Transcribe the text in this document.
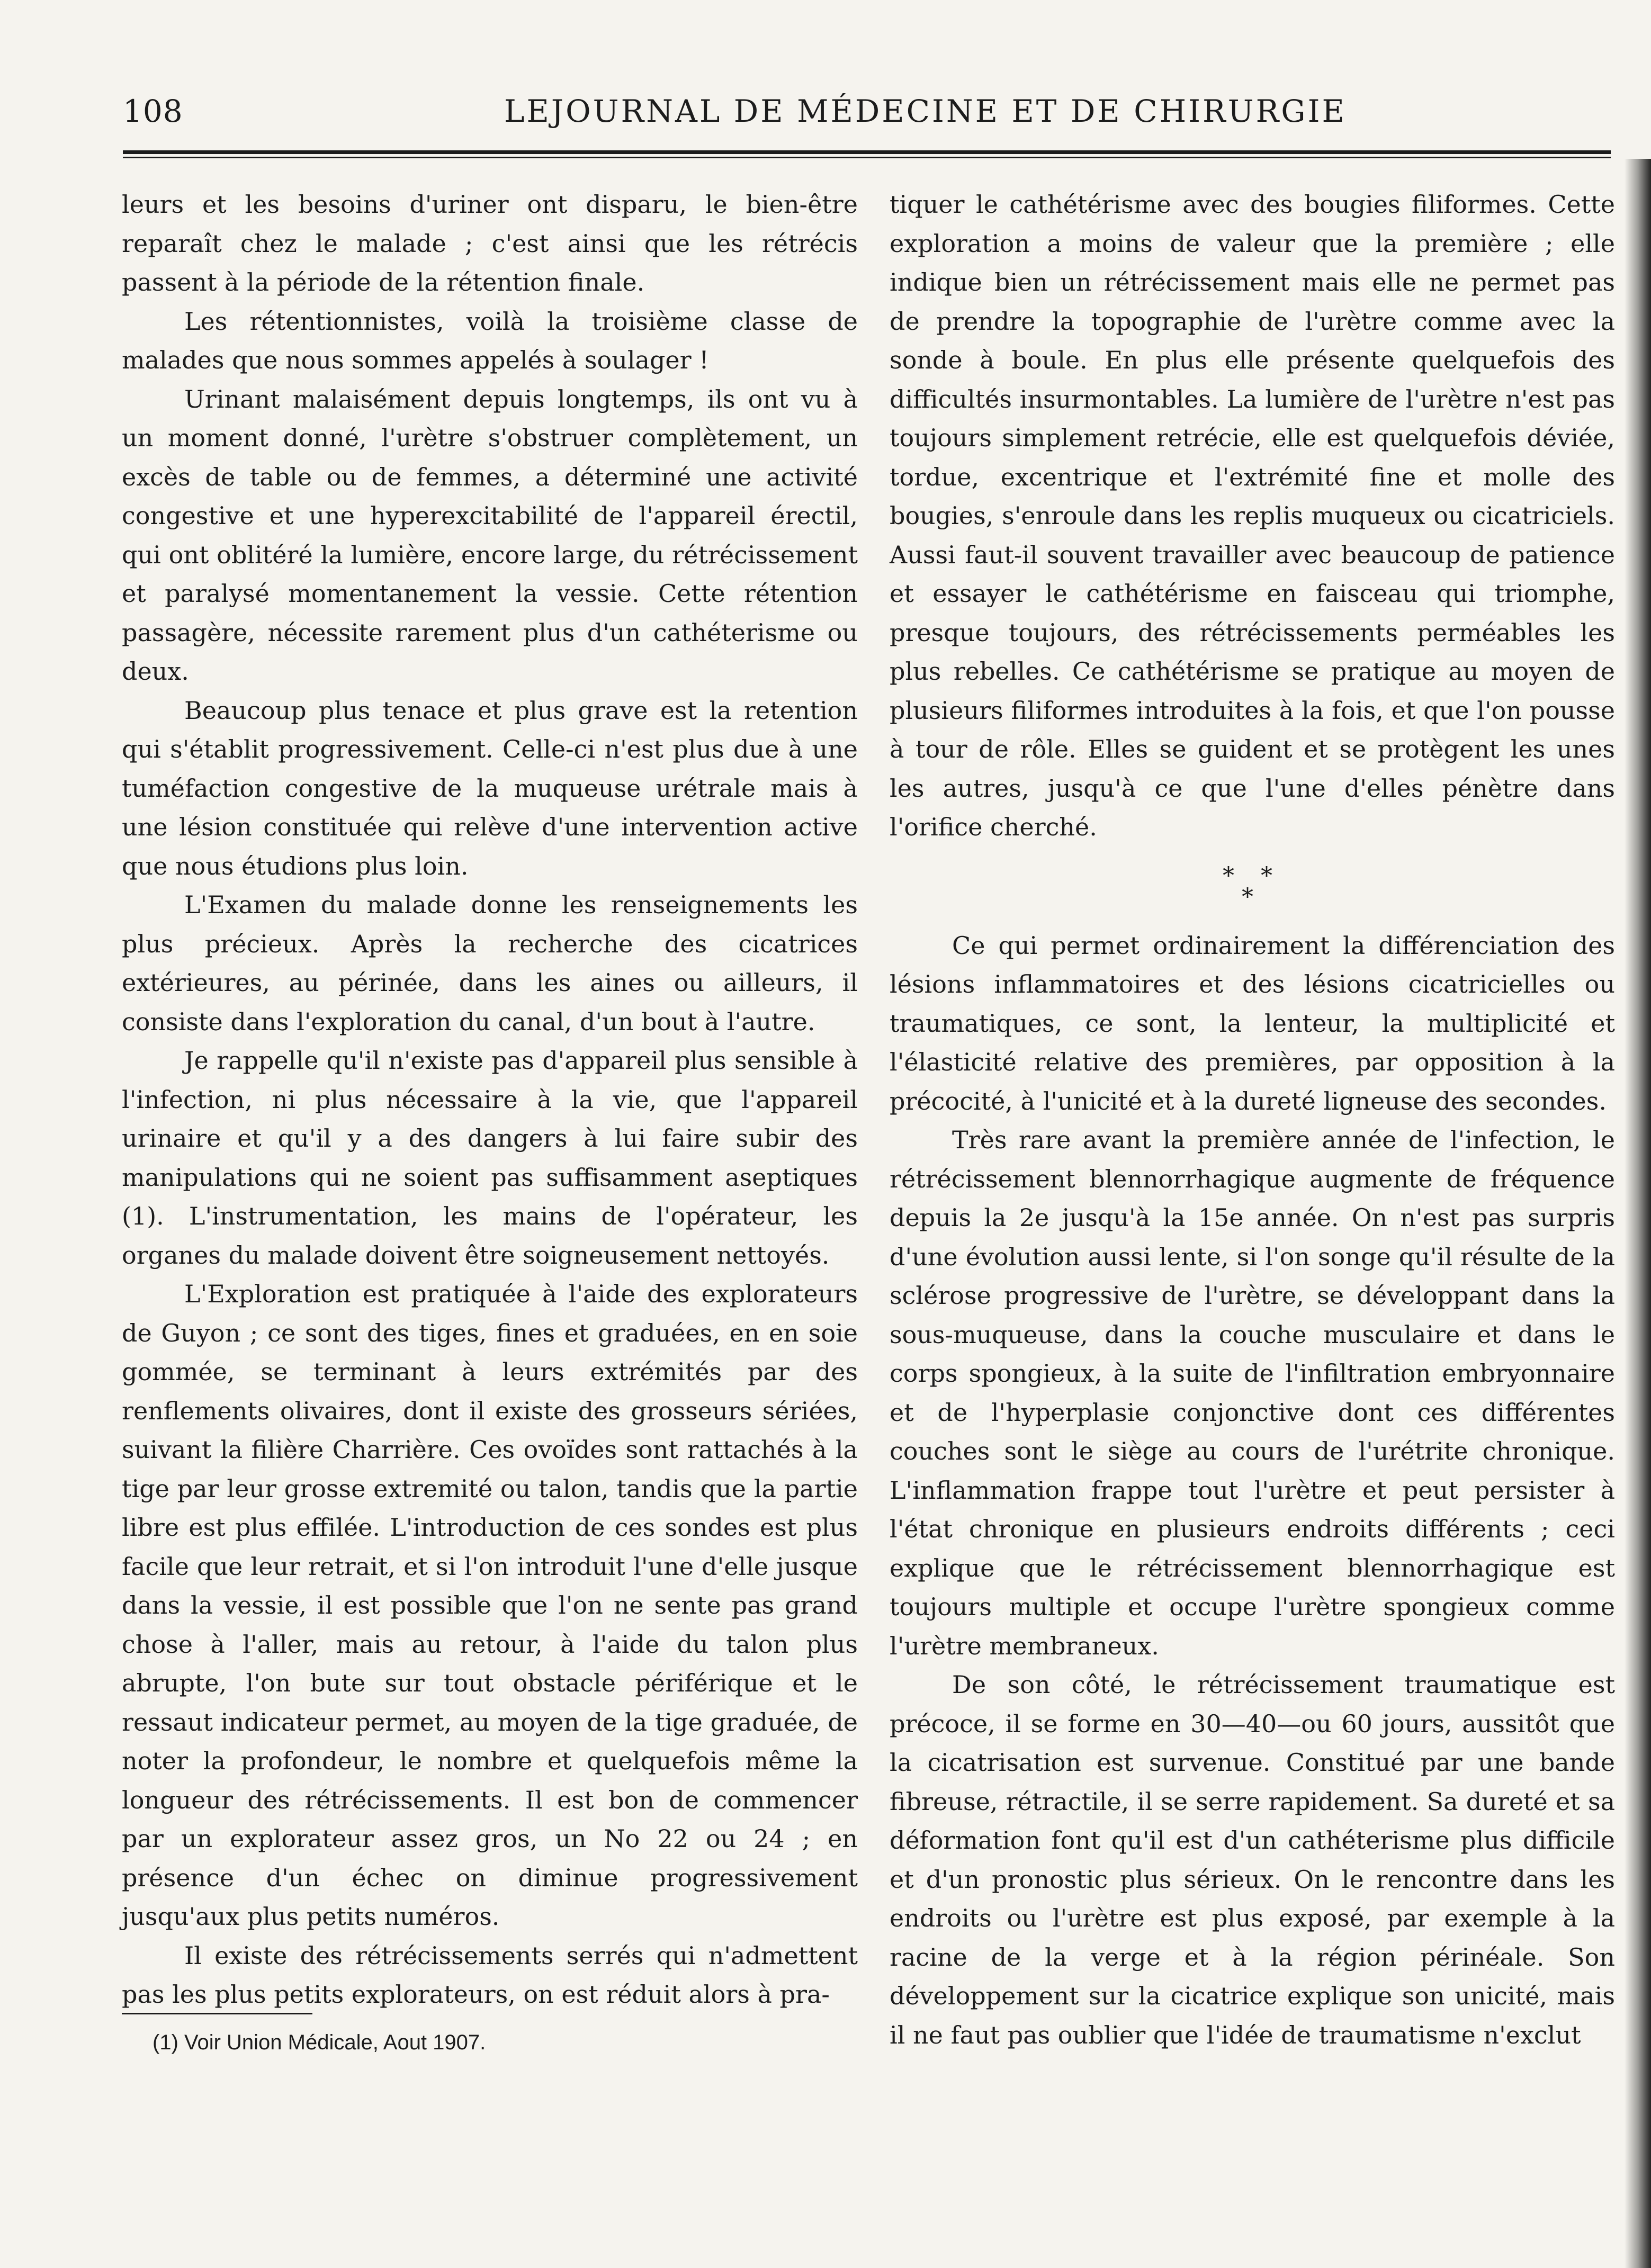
108	LEJOURNAL DE MÉDECINE ET DE CHIRURGIE

leurs et les besoins d'uriner ont disparu, le bien-être reparaît chez le malade ; c'est ainsi que les rétrécis passent à la période de la rétention finale.

Les rétentionnistes, voilà la troisième classe de malades que nous sommes appelés à soulager !

Urinant malaisément depuis longtemps, ils ont vu à un moment donné, l'urètre s'obstruer complètement, un excès de table ou de femmes, a déterminé une activité congestive et une hyperexcitabilité de l'appareil érectil, qui ont oblitéré la lumière, encore large, du rétrécissement et paralysé momentanement la vessie. Cette rétention passagère, nécessite rarement plus d'un cathéterisme ou deux.

Beaucoup plus tenace et plus grave est la retention qui s'établit progressivement. Celle-ci n'est plus due à une tuméfaction congestive de la muqueuse urétrale mais à une lésion constituée qui relève d'une intervention active que nous étudions plus loin.

L'Examen du malade donne les renseignements les plus précieux. Après la recherche des cicatrices extérieures, au périnée, dans les aines ou ailleurs, il consiste dans l'exploration du canal, d'un bout à l'autre.

Je rappelle qu'il n'existe pas d'appareil plus sensible à l'infection, ni plus nécessaire à la vie, que l'appareil urinaire et qu'il y a des dangers à lui faire subir des manipulations qui ne soient pas suffisamment aseptiques (1). L'instrumentation, les mains de l'opérateur, les organes du malade doivent être soigneusement nettoyés.

L'Exploration est pratiquée à l'aide des explorateurs de Guyon ; ce sont des tiges, fines et graduées, en en soie gommée, se terminant à leurs extrémités par des renflements olivaires, dont il existe des grosseurs sériées, suivant la filière Charrière. Ces ovoïdes sont rattachés à la tige par leur grosse extremité ou talon, tandis que la partie libre est plus effilée. L'introduction de ces sondes est plus facile que leur retrait, et si l'on introduit l'une d'elle jusque dans la vessie, il est possible que l'on ne sente pas grand chose à l'aller, mais au retour, à l'aide du talon plus abrupte, l'on bute sur tout obstacle périférique et le ressaut indicateur permet, au moyen de la tige graduée, de noter la profondeur, le nombre et quelquefois même la longueur des rétrécissements. Il est bon de commencer par un explorateur assez gros, un No 22 ou 24 ; en présence d'un échec on diminue progressivement jusqu'aux plus petits numéros.

Il existe des rétrécissements serrés qui n'admettent pas les plus petits explorateurs, on est réduit alors à pra-

tiquer le cathétérisme avec des bougies filiformes. Cette exploration a moins de valeur que la première ; elle indique bien un rétrécissement mais elle ne permet pas de prendre la topographie de l'urètre comme avec la sonde à boule. En plus elle présente quelquefois des difficultés insurmontables. La lumière de l'urètre n'est pas toujours simplement retrécie, elle est quelquefois déviée, tordue, excentrique et l'extrémité fine et molle des bougies, s'enroule dans les replis muqueux ou cicatriciels. Aussi faut-il souvent travailler avec beaucoup de patience et essayer le cathétérisme en faisceau qui triomphe, presque toujours, des rétrécissements perméables les plus rebelles. Ce cathétérisme se pratique au moyen de plusieurs filiformes introduites à la fois, et que l'on pousse à tour de rôle. Elles se guident et se protègent les unes les autres, jusqu'à ce que l'une d'elles pénètre dans l'orifice cherché.

* *
*

Ce qui permet ordinairement la différenciation des lésions inflammatoires et des lésions cicatricielles ou traumatiques, ce sont, la lenteur, la multiplicité et l'élasticité relative des premières, par opposition à la précocité, à l'unicité et à la dureté ligneuse des secondes.

Très rare avant la première année de l'infection, le rétrécissement blennorrhagique augmente de fréquence depuis la 2e jusqu'à la 15e année. On n'est pas surpris d'une évolution aussi lente, si l'on songe qu'il résulte de la sclérose progressive de l'urètre, se développant dans la sous-muqueuse, dans la couche musculaire et dans le corps spongieux, à la suite de l'infiltration embryonnaire et de l'hyperplasie conjonctive dont ces différentes couches sont le siège au cours de l'urétrite chronique. L'inflammation frappe tout l'urètre et peut persister à l'état chronique en plusieurs endroits différents ; ceci explique que le rétrécissement blennorrhagique est toujours multiple et occupe l'urètre spongieux comme l'urètre membraneux.

De son côté, le rétrécissement traumatique est précoce, il se forme en 30—40—ou 60 jours, aussitôt que la cicatrisation est survenue. Constitué par une bande fibreuse, rétractile, il se serre rapidement. Sa dureté et sa déformation font qu'il est d'un cathéterisme plus difficile et d'un pronostic plus sérieux. On le rencontre dans les endroits ou l'urètre est plus exposé, par exemple à la racine de la verge et à la région périnéale. Son développement sur la cicatrice explique son unicité, mais il ne faut pas oublier que l'idée de traumatisme n'exclut

(1) Voir Union Médicale, Aout 1907.
